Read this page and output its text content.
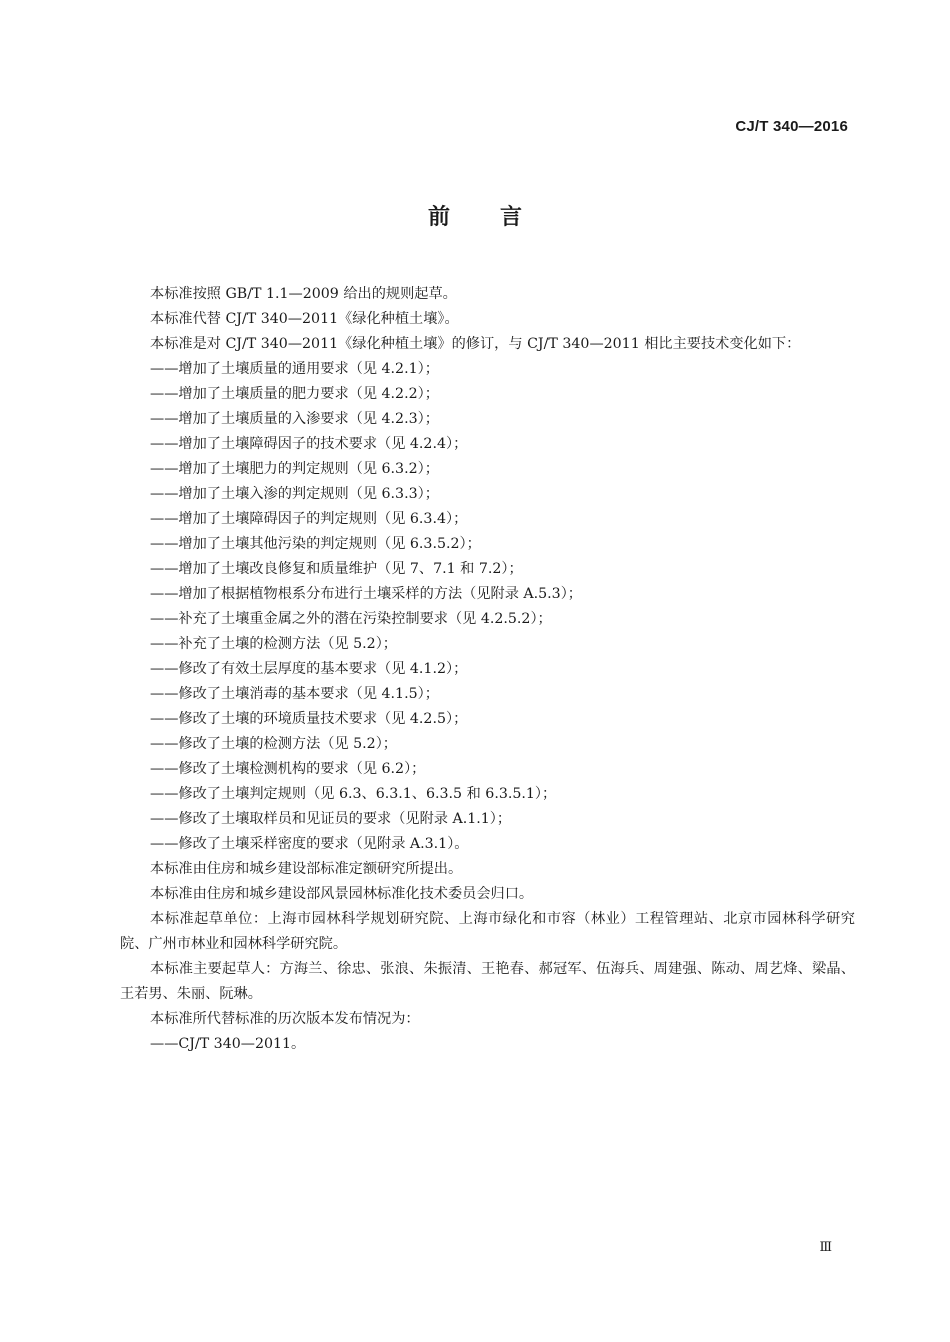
CJ/T 340—2016
前言

本标准按照 GB/T 1.1—2009 给出的规则起草。

本标准代替 CJ/T 340—2011《绿化种植土壤》。

本标准是对 CJ/T 340—2011《绿化种植土壤》的修订，与 CJ/T 340—2011 相比主要技术变化如下：

——增加了土壤质量的通用要求（见 4.2.1）；

——增加了土壤质量的肥力要求（见 4.2.2）；

——增加了土壤质量的入渗要求（见 4.2.3）；

——增加了土壤障碍因子的技术要求（见 4.2.4）；

——增加了土壤肥力的判定规则（见 6.3.2）；

——增加了土壤入渗的判定规则（见 6.3.3）；

——增加了土壤障碍因子的判定规则（见 6.3.4）；

——增加了土壤其他污染的判定规则（见 6.3.5.2）；

——增加了土壤改良修复和质量维护（见 7、7.1 和 7.2）；

——增加了根据植物根系分布进行土壤采样的方法（见附录 A.5.3）；

——补充了土壤重金属之外的潜在污染控制要求（见 4.2.5.2）；

——补充了土壤的检测方法（见 5.2）；

——修改了有效土层厚度的基本要求（见 4.1.2）；

——修改了土壤消毒的基本要求（见 4.1.5）；

——修改了土壤的环境质量技术要求（见 4.2.5）；

——修改了土壤的检测方法（见 5.2）；

——修改了土壤检测机构的要求（见 6.2）；

——修改了土壤判定规则（见 6.3、6.3.1、6.3.5 和 6.3.5.1）；

——修改了土壤取样员和见证员的要求（见附录 A.1.1）；

——修改了土壤采样密度的要求（见附录 A.3.1）。

本标准由住房和城乡建设部标准定额研究所提出。

本标准由住房和城乡建设部风景园林标准化技术委员会归口。

本标准起草单位：上海市园林科学规划研究院、上海市绿化和市容（林业）工程管理站、北京市园林科学研究院、广州市林业和园林科学研究院。

本标准主要起草人：方海兰、徐忠、张浪、朱振清、王艳春、郝冠军、伍海兵、周建强、陈动、周艺烽、梁晶、王若男、朱丽、阮琳。

本标准所代替标准的历次版本发布情况为：

——CJ/T 340—2011。

Ⅲ
